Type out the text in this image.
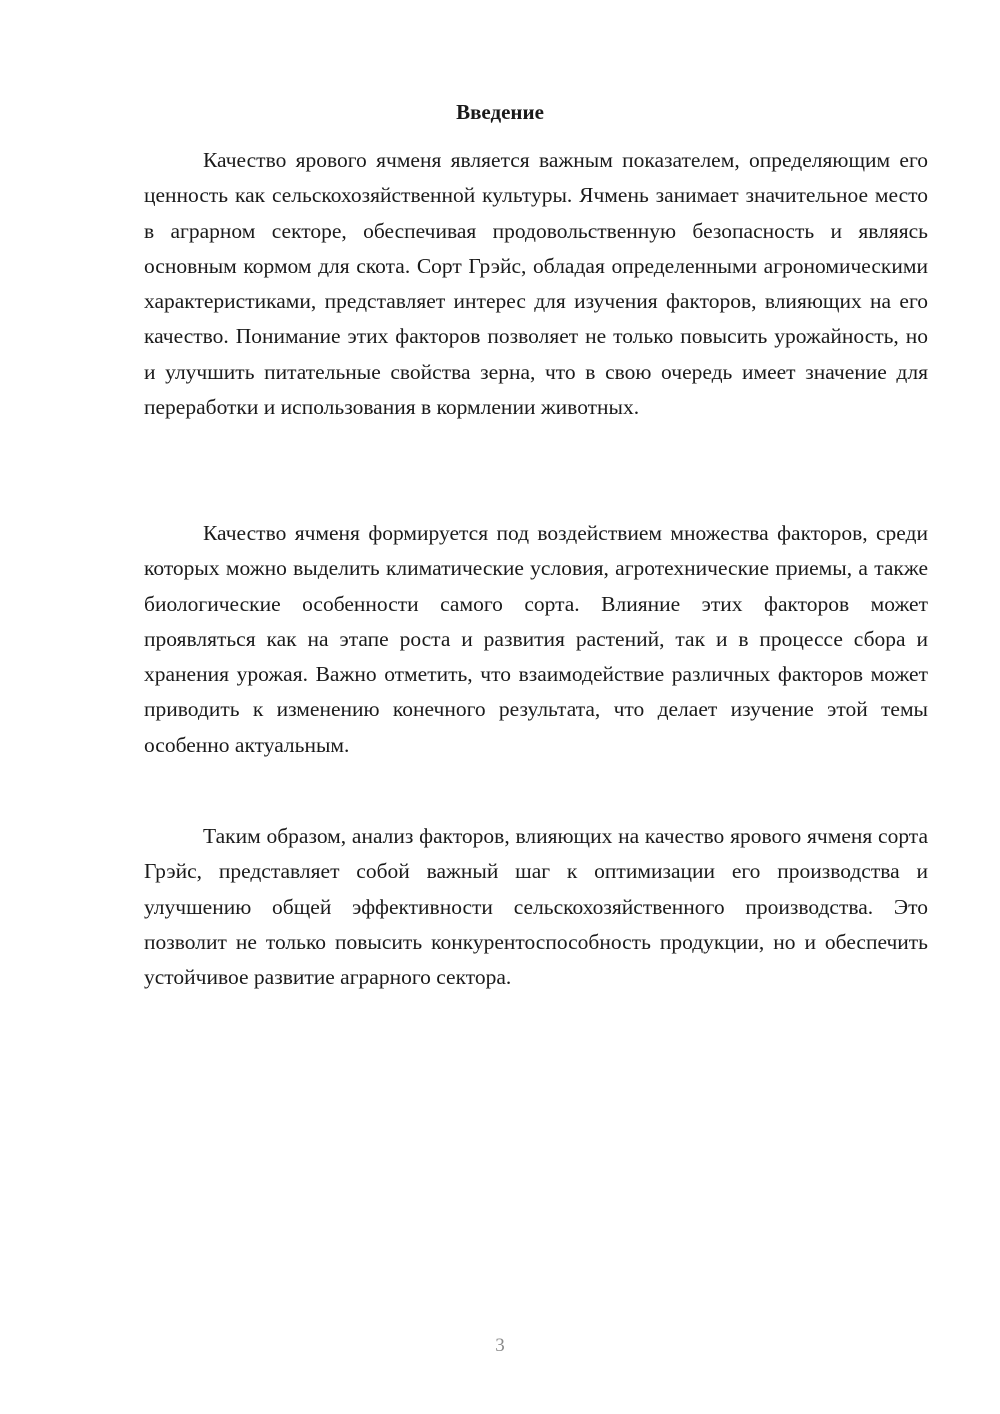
Введение

Качество ярового ячменя является важным показателем, определяющим его ценность как сельскохозяйственной культуры. Ячмень занимает значительное место в аграрном секторе, обеспечивая продовольственную безопасность и являясь основным кормом для скота. Сорт Грэйс, обладая определенными агрономическими характеристиками, представляет интерес для изучения факторов, влияющих на его качество. Понимание этих факторов позволяет не только повысить урожайность, но и улучшить питательные свойства зерна, что в свою очередь имеет значение для переработки и использования в кормлении животных.

Качество ячменя формируется под воздействием множества факторов, среди которых можно выделить климатические условия, агротехнические приемы, а также биологические особенности самого сорта. Влияние этих факторов может проявляться как на этапе роста и развития растений, так и в процессе сбора и хранения урожая. Важно отметить, что взаимодействие различных факторов может приводить к изменению конечного результата, что делает изучение этой темы особенно актуальным.

Таким образом, анализ факторов, влияющих на качество ярового ячменя сорта Грэйс, представляет собой важный шаг к оптимизации его производства и улучшению общей эффективности сельскохозяйственного производства. Это позволит не только повысить конкурентоспособность продукции, но и обеспечить устойчивое развитие аграрного сектора.

3
